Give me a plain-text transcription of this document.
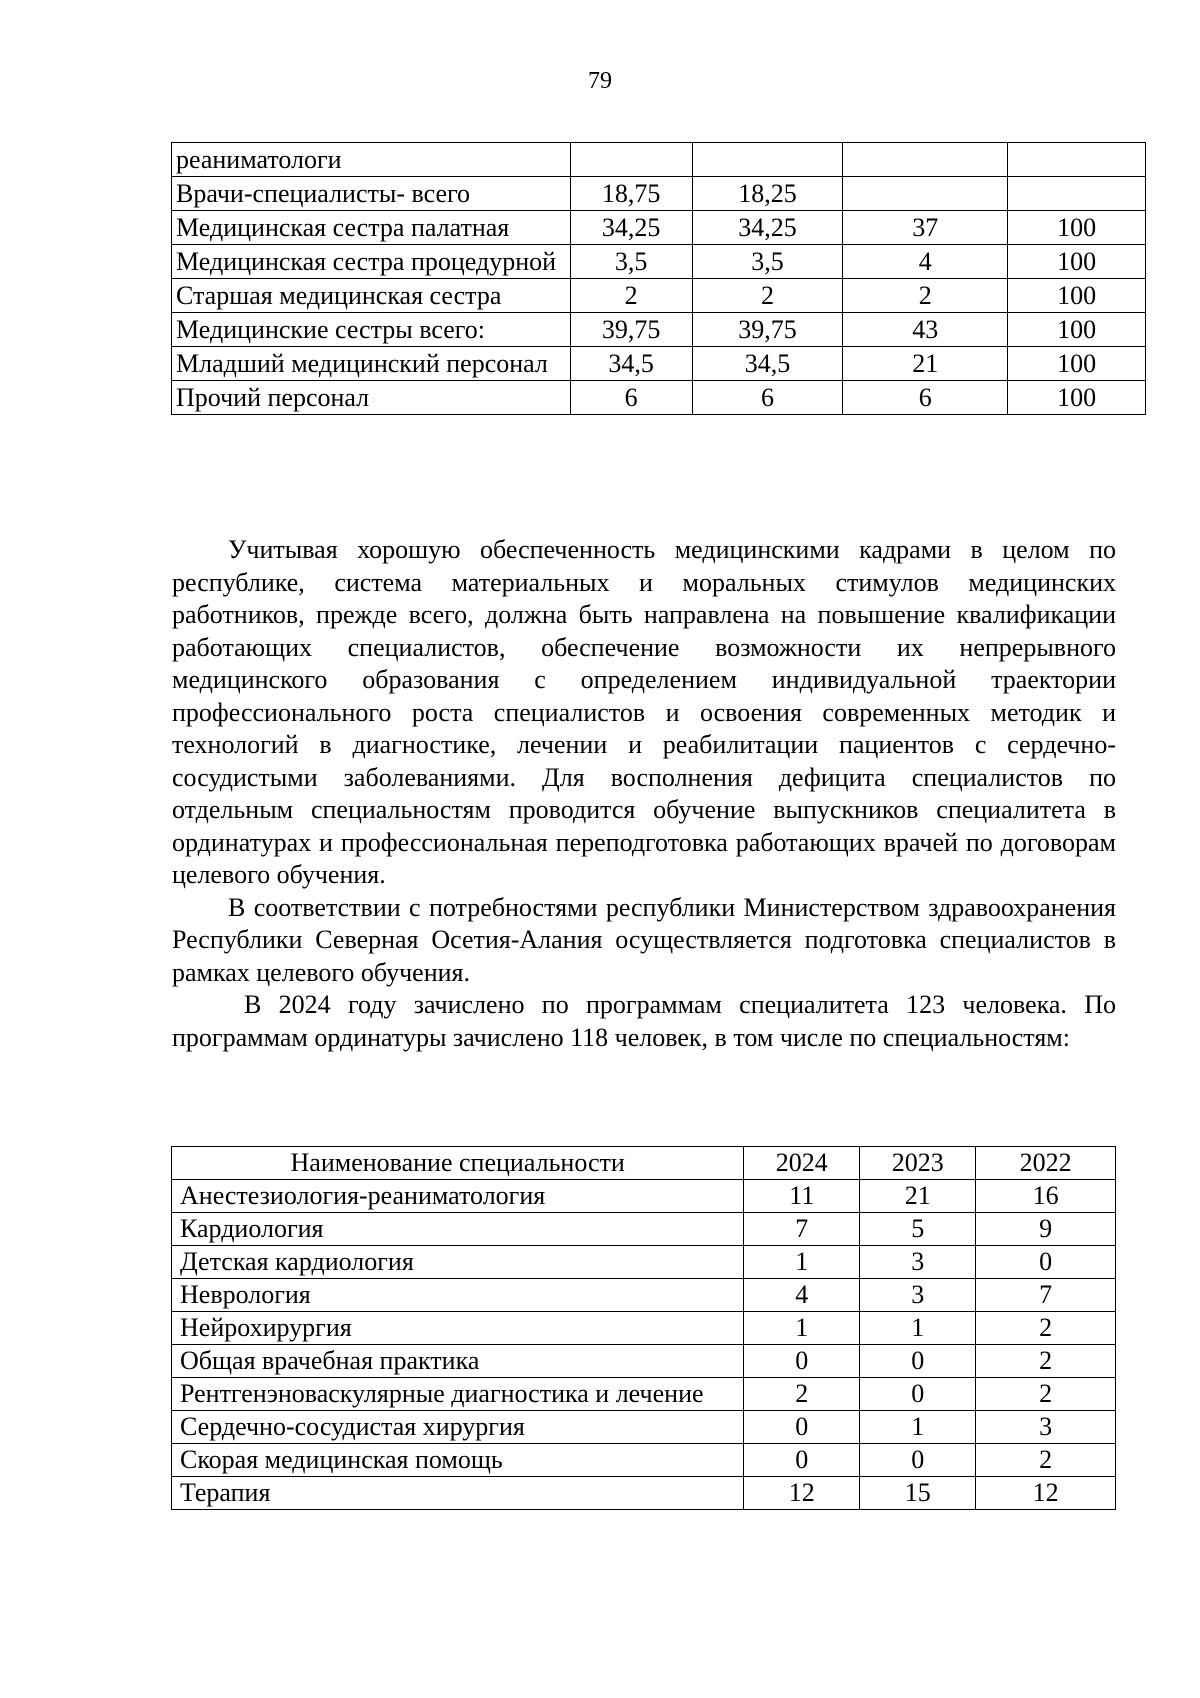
79
реаниматологи				
Врачи-специалисты- всего	18,75	18,25		
Медицинская сестра палатная	34,25	34,25	37	100
Медицинская сестра процедурной	3,5	3,5	4	100
Старшая медицинская сестра	2	2	2	100
Медицинские сестры всего:	39,75	39,75	43	100
Младший медицинский персонал	34,5	34,5	21	100
Прочий персонал	6	6	6	100

Учитывая хорошую обеспеченность медицинскими кадрами в целом по республике, система материальных и моральных стимулов медицинских работников, прежде всего, должна быть направлена на повышение квалификации работающих специалистов, обеспечение возможности их непрерывного медицинского образования с определением индивидуальной траектории профессионального роста специалистов и освоения современных методик и технологий в диагностике, лечении и реабилитации пациентов с сердечно-сосудистыми заболеваниями. Для восполнения дефицита специалистов по отдельным специальностям проводится обучение выпускников специалитета в ординатурах и профессиональная переподготовка работающих врачей по договорам целевого обучения.

В соответствии с потребностями республики Министерством здравоохранения Республики Северная Осетия-Алания осуществляется подготовка специалистов в рамках целевого обучения.

В 2024 году зачислено по программам специалитета 123 человека. По программам ординатуры зачислено 118 человек, в том числе по специальностям:

Наименование специальности	2024	2023	2022
Анестезиология-реаниматология	11	21	16
Кардиология	7	5	9
Детская кардиология	1	3	0
Неврология	4	3	7
Нейрохирургия	1	1	2
Общая врачебная практика	0	0	2
Рентгенэноваскулярные диагностика и лечение	2	0	2
Сердечно-сосудистая хирургия	0	1	3
Скорая медицинская помощь	0	0	2
Терапия	12	15	12
